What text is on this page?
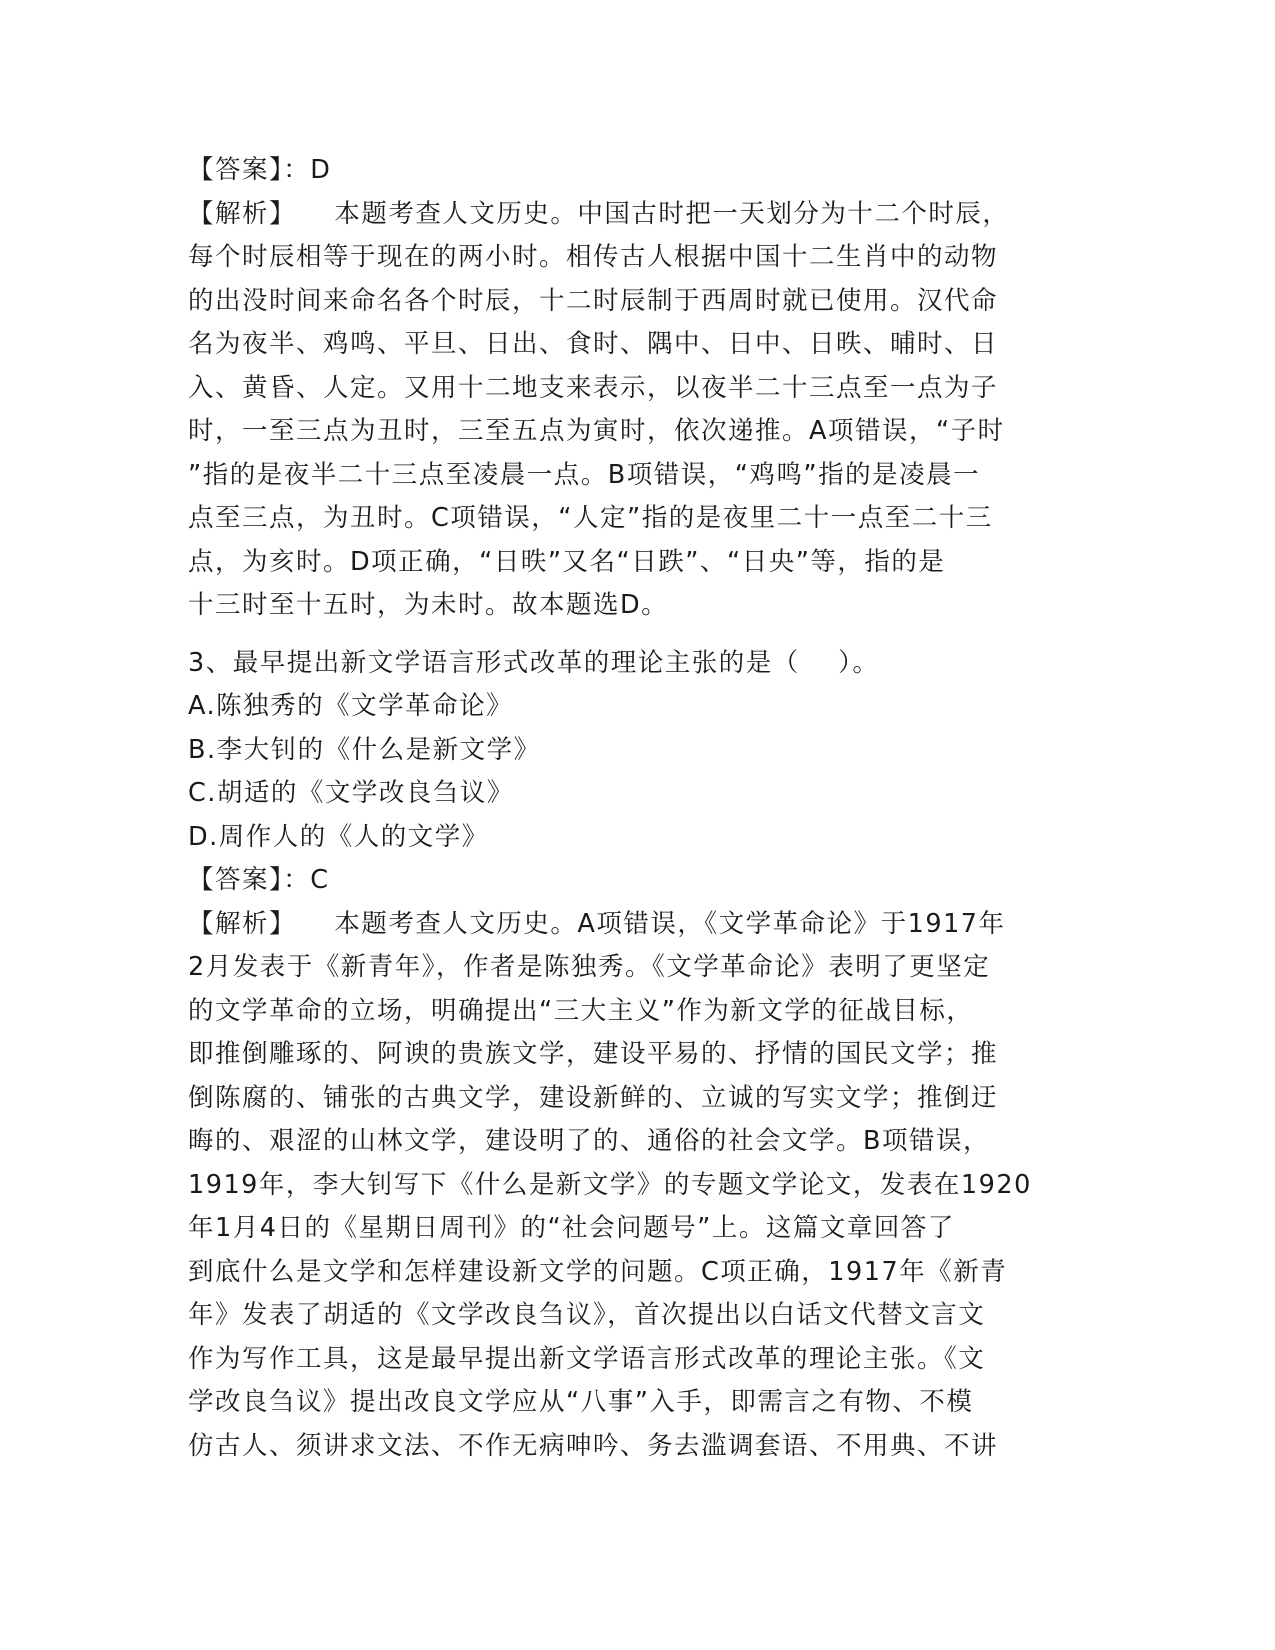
【答案】：D
【解析】    本题考查人文历史。中国古时把一天划分为十二个时辰，
每个时辰相等于现在的两小时。相传古人根据中国十二生肖中的动物
的出没时间来命名各个时辰，十二时辰制于西周时就已使用。汉代命
名为夜半、鸡鸣、平旦、日出、食时、隅中、日中、日昳、晡时、日
入、黄昏、人定。又用十二地支来表示，以夜半二十三点至一点为子
时，一至三点为丑时，三至五点为寅时，依次递推。A项错误，“子时
”指的是夜半二十三点至凌晨一点。B项错误，“鸡鸣”指的是凌晨一
点至三点，为丑时。C项错误，“人定”指的是夜里二十一点至二十三
点，为亥时。D项正确，“日昳”又名“日跌”、“日央”等，指的是
十三时至十五时，为未时。故本题选D。
3、最早提出新文学语言形式改革的理论主张的是（    ）。
A.陈独秀的《文学革命论》
B.李大钊的《什么是新文学》
C.胡适的《文学改良刍议》
D.周作人的《人的文学》
【答案】：C
【解析】    本题考查人文历史。A项错误，《文学革命论》于1917年
2月发表于《新青年》，作者是陈独秀。《文学革命论》表明了更坚定
的文学革命的立场，明确提出“三大主义”作为新文学的征战目标，
即推倒雕琢的、阿谀的贵族文学，建设平易的、抒情的国民文学；推
倒陈腐的、铺张的古典文学，建设新鲜的、立诚的写实文学；推倒迂
晦的、艰涩的山林文学，建设明了的、通俗的社会文学。B项错误，
1919年，李大钊写下《什么是新文学》的专题文学论文，发表在1920
年1月4日的《星期日周刊》的“社会问题号”上。这篇文章回答了
到底什么是文学和怎样建设新文学的问题。C项正确，1917年《新青
年》发表了胡适的《文学改良刍议》，首次提出以白话文代替文言文
作为写作工具，这是最早提出新文学语言形式改革的理论主张。《文
学改良刍议》提出改良文学应从“八事”入手，即需言之有物、不模
仿古人、须讲求文法、不作无病呻吟、务去滥调套语、不用典、不讲
